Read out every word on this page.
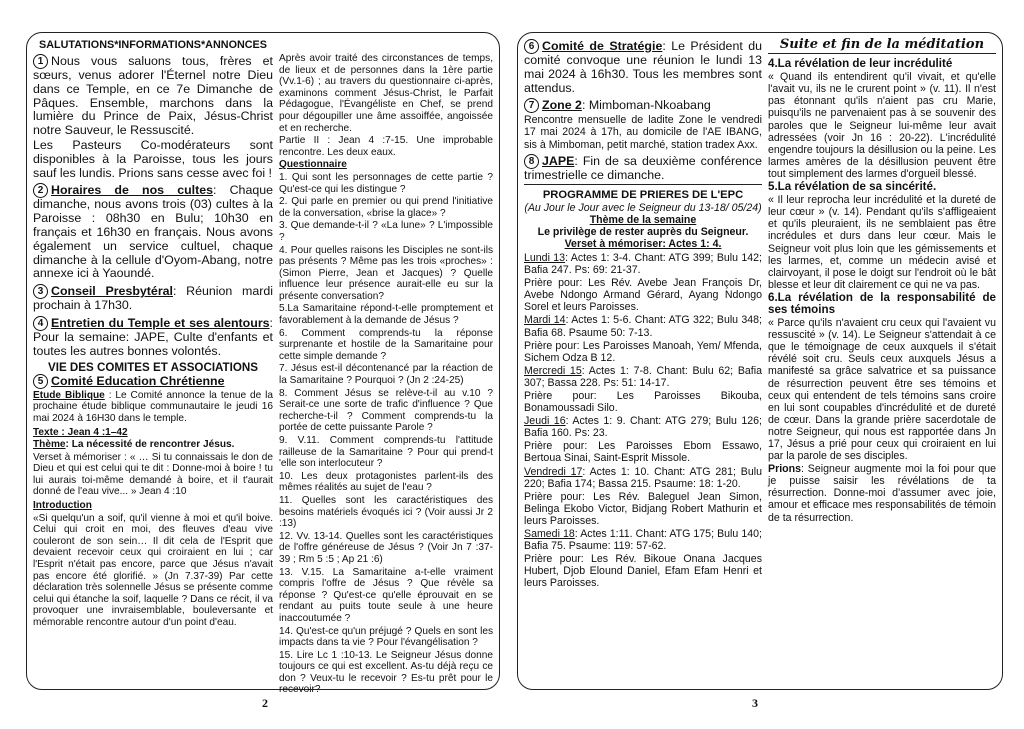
SALUTATIONS*INFORMATIONS*ANNONCES

1 Nous vous saluons tous, frères et sœurs, venus adorer l'Éternel notre Dieu dans ce Temple, en ce 7e Dimanche de Pâques. Ensemble, marchons dans la lumière du Prince de Paix, Jésus-Christ notre Sauveur, le Ressuscité.

Les Pasteurs Co-modérateurs sont disponibles à la Paroisse, tous les jours sauf les lundis. Prions sans cesse avec foi !

2 Horaires de nos cultes: Chaque dimanche, nous avons trois (03) cultes à la Paroisse : 08h30 en Bulu; 10h30 en français et 16h30 en français. Nous avons également un service cultuel, chaque dimanche à la cellule d'Oyom-Abang, notre annexe ici à Yaoundé.

3 Conseil Presbytéral: Réunion mardi prochain à 17h30.

4 Entretien du Temple et ses alentours: Pour la semaine: JAPE, Culte d'enfants et toutes les autres bonnes volontés.

VIE DES COMITES ET ASSOCIATIONS

5 Comité Education Chrétienne

Etude Biblique : Le Comité annonce la tenue de la prochaine étude biblique communautaire le jeudi 16 mai 2024 à 16H30 dans le temple.

Texte : Jean 4 :1–42

Thème: La nécessité de rencontrer Jésus.

Verset à mémoriser : « … Si tu connaissais le don de Dieu et qui est celui qui te dit : Donne-moi à boire ! tu lui aurais toi-même demandé à boire, et il t'aurait donné de l'eau vive... » Jean 4 :10

Introduction

«Si quelqu'un a soif, qu'il vienne à moi et qu'il boive. Celui qui croit en moi, des fleuves d'eau vive couleront de son sein… Il dit cela de l'Esprit que devaient recevoir ceux qui croiraient en lui ; car l'Esprit n'était pas encore, parce que Jésus n'avait pas encore été glorifié. » (Jn 7.37-39) Par cette déclaration très solennelle Jésus se présente comme celui qui étanche la soif, laquelle ? Dans ce récit, il va provoquer une invraisemblable, bouleversante et mémorable rencontre autour d'un point d'eau.

Après avoir traité des circonstances de temps, de lieux et de personnes dans la 1ère partie (Vv.1-6) ; au travers du questionnaire ci-après, examinons comment Jésus-Christ, le Parfait Pédagogue, l'Évangéliste en Chef, se prend pour dégoupiller une âme assoiffée, angoissée et en recherche.

Partie II : Jean 4 :7-15. Une improbable rencontre. Les deux eaux.

Questionnaire

1. Qui sont les personnages de cette partie ? Qu'est-ce qui les distingue ?

2. Qui parle en premier ou qui prend l'initiative de la conversation, «brise la glace» ?

3. Que demande-t-il ? «La lune» ? L'impossible ?

4. Pour quelles raisons les Disciples ne sont-ils pas présents ? Même pas les trois «proches» : (Simon Pierre, Jean et Jacques) ? Quelle influence leur présence aurait-elle eu sur la présente conversation?

5.La Samaritaine répond-t-elle promptement et favorablement à la demande de Jésus ?

6. Comment comprends-tu la réponse surprenante et hostile de la Samaritaine pour cette simple demande ?

7. Jésus est-il décontenancé par la réaction de la Samaritaine ? Pourquoi ? (Jn 2 :24-25)

8. Comment Jésus se relève-t-il au v.10 ? Serait-ce une sorte de trafic d'influence ? Que recherche-t-il ? Comment comprends-tu la portée de cette puissante Parole ?

9. V.11. Comment comprends-tu l'attitude railleuse de la Samaritaine ? Pour qui prend-t 'elle son interlocuteur ?

10. Les deux protagonistes parlent-ils des mêmes réalités au sujet de l'eau ?

11. Quelles sont les caractéristiques des besoins matériels évoqués ici ? (Voir aussi Jr 2 :13)

12. Vv. 13-14. Quelles sont les caractéristiques de l'offre généreuse de Jésus ? (Voir Jn 7 :37-39 ; Rm 5 :5 ; Ap 21 :6)

13. V.15. La Samaritaine a-t-elle vraiment compris l'offre de Jésus ? Que révèle sa réponse ? Qu'est-ce qu'elle éprouvait en se rendant au puits toute seule à une heure inaccoutumée ?

14. Qu'est-ce qu'un préjugé ? Quels en sont les impacts dans ta vie ? Pour l'évangélisation ?

15. Lire Lc 1 :10-13. Le Seigneur Jésus donne toujours ce qui est excellent. As-tu déjà reçu ce don ? Veux-tu le recevoir ? Es-tu prêt pour le recevoir?

2

6 Comité de Stratégie: Le Président du comité convoque une réunion le lundi 13 mai 2024 à 16h30. Tous les membres sont attendus.

7 Zone 2: Mimboman-Nkoabang

Rencontre mensuelle de ladite Zone le vendredi 17 mai 2024 à 17h, au domicile de l'AE IBANG, sis à Mimboman, petit marché, station tradex Axx.

8 JAPE: Fin de sa deuxième conférence trimestrielle ce dimanche.

PROGRAMME DE PRIERES DE L'EPC
(Au Jour le Jour avec le Seigneur du 13-18/ 05/24)
Thème de la semaine
Le privilège de rester auprès du Seigneur.
Verset à mémoriser: Actes 1: 4.

Lundi 13: Actes 1: 3-4. Chant: ATG 399; Bulu 142; Bafia 247. Ps: 69: 21-37.

Prière pour: Les Rév. Avebe Jean François Dr, Avebe Ndongo Armand Gérard, Ayang Ndongo Sorel et leurs Paroisses.

Mardi 14: Actes 1: 5-6. Chant: ATG 322; Bulu 348; Bafia 68. Psaume 50: 7-13.

Prière pour: Les Paroisses Manoah, Yem/ Mfenda, Sichem Odza B 12.

Mercredi 15: Actes 1: 7-8. Chant: Bulu 62; Bafia 307; Bassa 228. Ps: 51: 14-17.

Prière pour: Les Paroisses Bikouba, Bonamoussadi Silo.

Jeudi 16: Actes 1: 9. Chant: ATG 279; Bulu 126; Bafia 160. Ps: 23.

Prière pour: Les Paroisses Ebom Essawo, Bertoua Sinai, Saint-Esprit Missole.

Vendredi 17: Actes 1: 10. Chant: ATG 281; Bulu 220; Bafia 174; Bassa 215. Psaume: 18: 1-20.

Prière pour: Les Rév. Baleguel Jean Simon, Belinga Ekobo Victor, Bidjang Robert Mathurin et leurs Paroisses.

Samedi 18: Actes 1:11. Chant: ATG 175; Bulu 140; Bafia 75. Psaume: 119: 57-62.

Prière pour: Les Rév. Bikoue Onana Jacques Hubert, Djob Elound Daniel, Efam Efam Henri et leurs Paroisses.

Suite et fin de la méditation

4.La révélation de leur incrédulité

« Quand ils entendirent qu'il vivait, et qu'elle l'avait vu, ils ne le crurent point » (v. 11). Il n'est pas étonnant qu'ils n'aient pas cru Marie, puisqu'ils ne parvenaient pas à se souvenir des paroles que le Seigneur lui-même leur avait adressées (voir Jn 16 : 20-22). L'incrédulité engendre toujours la désillusion ou la peine. Les larmes amères de la désillusion peuvent être tout simplement des larmes d'orgueil blessé.

5.La révélation de sa sincérité.

« Il leur reprocha leur incrédulité et la dureté de leur cœur » (v. 14). Pendant qu'ils s'affligeaient et qu'ils pleuraient, ils ne semblaient pas être incrédules et durs dans leur cœur. Mais le Seigneur voit plus loin que les gémissements et les larmes, et, comme un médecin avisé et clairvoyant, il pose le doigt sur l'endroit où le bât blesse et leur dit clairement ce qui ne va pas.

6.La révélation de la responsabilité de ses témoins

« Parce qu'ils n'avaient cru ceux qui l'avaient vu ressuscité » (v. 14). Le Seigneur s'attendait à ce que le témoignage de ceux auxquels il s'était révélé soit cru. Seuls ceux auxquels Jésus a manifesté sa grâce salvatrice et sa puissance de résurrection peuvent être ses témoins et ceux qui entendent de tels témoins sans croire en lui sont coupables d'incrédulité et de dureté de cœur. Dans la grande prière sacerdotale de notre Seigneur, qui nous est rapportée dans Jn 17, Jésus a prié pour ceux qui croiraient en lui par la parole de ses disciples.

Prions: Seigneur augmente moi la foi pour que je puisse saisir les révélations de ta résurrection. Donne-moi d'assumer avec joie, amour et efficace mes responsabilités de témoin de ta résurrection.

3
